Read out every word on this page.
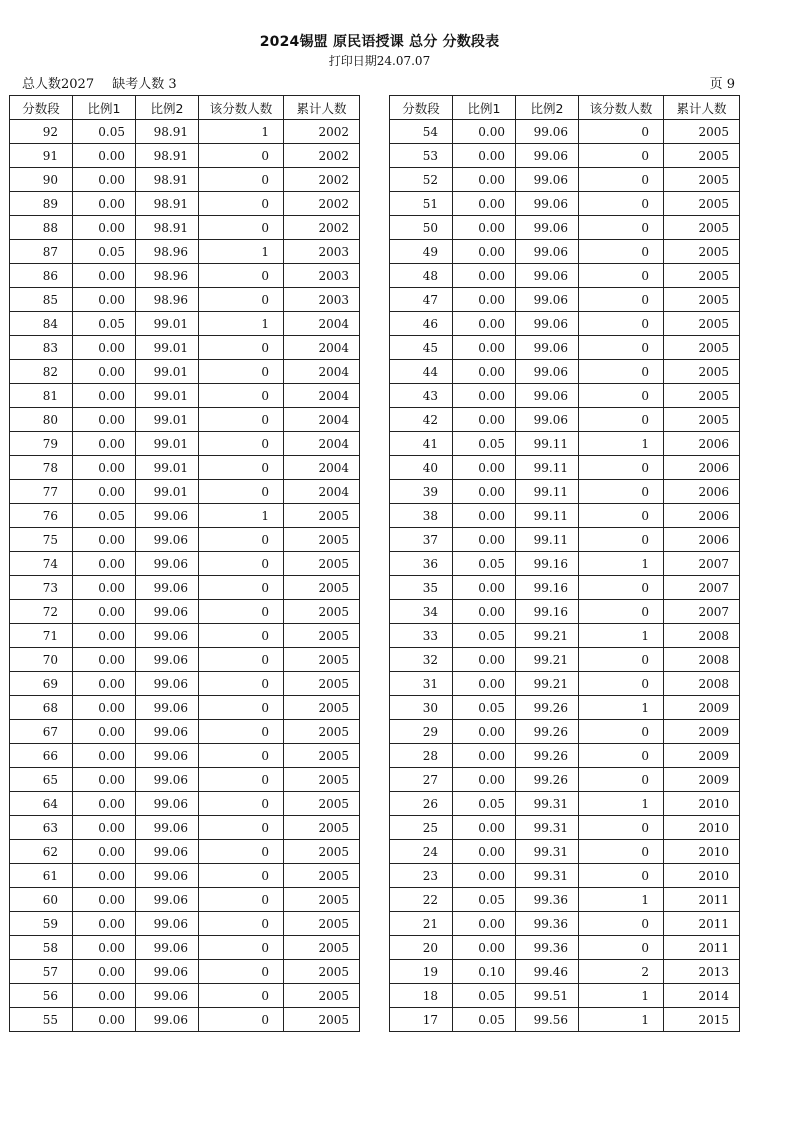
2024锡盟 原民语授课 总分 分数段表
打印日期24.07.07
总人数2027 缺考人数 3	页 9
分数段	比例1	比例2	该分数人数	累计人数
92	0.05	98.91	1	2002
91	0.00	98.91	0	2002
90	0.00	98.91	0	2002
89	0.00	98.91	0	2002
88	0.00	98.91	0	2002
87	0.05	98.96	1	2003
86	0.00	98.96	0	2003
85	0.00	98.96	0	2003
84	0.05	99.01	1	2004
83	0.00	99.01	0	2004
82	0.00	99.01	0	2004
81	0.00	99.01	0	2004
80	0.00	99.01	0	2004
79	0.00	99.01	0	2004
78	0.00	99.01	0	2004
77	0.00	99.01	0	2004
76	0.05	99.06	1	2005
75	0.00	99.06	0	2005
74	0.00	99.06	0	2005
73	0.00	99.06	0	2005
72	0.00	99.06	0	2005
71	0.00	99.06	0	2005
70	0.00	99.06	0	2005
69	0.00	99.06	0	2005
68	0.00	99.06	0	2005
67	0.00	99.06	0	2005
66	0.00	99.06	0	2005
65	0.00	99.06	0	2005
64	0.00	99.06	0	2005
63	0.00	99.06	0	2005
62	0.00	99.06	0	2005
61	0.00	99.06	0	2005
60	0.00	99.06	0	2005
59	0.00	99.06	0	2005
58	0.00	99.06	0	2005
57	0.00	99.06	0	2005
56	0.00	99.06	0	2005
55	0.00	99.06	0	2005
分数段	比例1	比例2	该分数人数	累计人数
54	0.00	99.06	0	2005
53	0.00	99.06	0	2005
52	0.00	99.06	0	2005
51	0.00	99.06	0	2005
50	0.00	99.06	0	2005
49	0.00	99.06	0	2005
48	0.00	99.06	0	2005
47	0.00	99.06	0	2005
46	0.00	99.06	0	2005
45	0.00	99.06	0	2005
44	0.00	99.06	0	2005
43	0.00	99.06	0	2005
42	0.00	99.06	0	2005
41	0.05	99.11	1	2006
40	0.00	99.11	0	2006
39	0.00	99.11	0	2006
38	0.00	99.11	0	2006
37	0.00	99.11	0	2006
36	0.05	99.16	1	2007
35	0.00	99.16	0	2007
34	0.00	99.16	0	2007
33	0.05	99.21	1	2008
32	0.00	99.21	0	2008
31	0.00	99.21	0	2008
30	0.05	99.26	1	2009
29	0.00	99.26	0	2009
28	0.00	99.26	0	2009
27	0.00	99.26	0	2009
26	0.05	99.31	1	2010
25	0.00	99.31	0	2010
24	0.00	99.31	0	2010
23	0.00	99.31	0	2010
22	0.05	99.36	1	2011
21	0.00	99.36	0	2011
20	0.00	99.36	0	2011
19	0.10	99.46	2	2013
18	0.05	99.51	1	2014
17	0.05	99.56	1	2015
